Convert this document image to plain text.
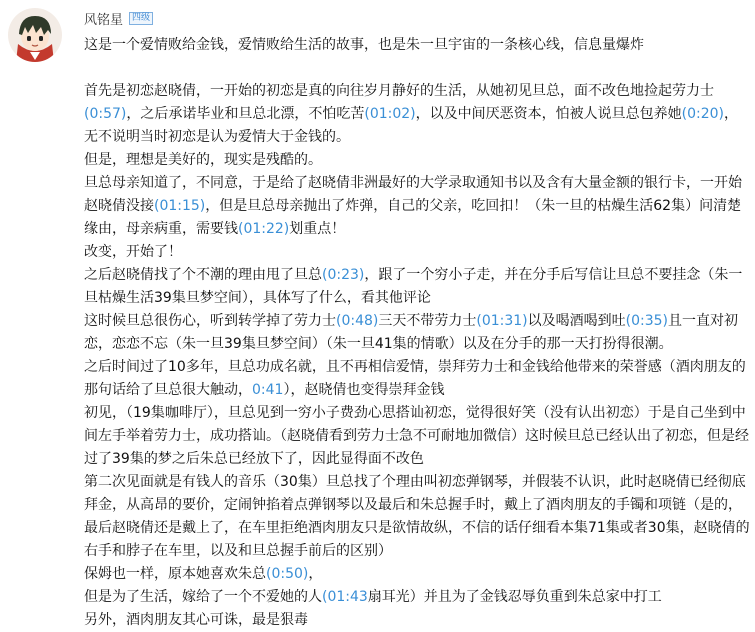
风铭星	四级

这是一个爱情败给金钱，爱情败给生活的故事，也是朱一旦宇宙的一条核心线，信息量爆炸

首先是初恋赵晓倩，一开始的初恋是真的向往岁月静好的生活，从她初见旦总，面不改色地捡起劳力士(0:57)，之后承诺毕业和旦总北漂，不怕吃苦(01:02)，以及中间厌恶资本，怕被人说旦总包养她(0:20)，无不说明当时初恋是认为爱情大于金钱的。

但是，理想是美好的，现实是残酷的。

旦总母亲知道了，不同意，于是给了赵晓倩非洲最好的大学录取通知书以及含有大量金额的银行卡，一开始赵晓倩没接(01:15)，但是旦总母亲抛出了炸弹，自己的父亲，吃回扣！（朱一旦的枯燥生活62集）问清楚缘由，母亲病重，需要钱(01:22)划重点！

改变，开始了！

之后赵晓倩找了个不潮的理由甩了旦总(0:23)，跟了一个穷小子走，并在分手后写信让旦总不要挂念（朱一旦枯燥生活39集旦梦空间），具体写了什么，看其他评论

这时候旦总很伤心，听到转学掉了劳力士(0:48)三天不带劳力士(01:31)以及喝酒喝到吐(0:35)且一直对初恋，恋恋不忘（朱一旦39集旦梦空间）（朱一旦41集的情歌）以及在分手的那一天打扮得很潮。

之后时间过了10多年，旦总功成名就，且不再相信爱情，崇拜劳力士和金钱给他带来的荣誉感（酒肉朋友的那句话给了旦总很大触动，0:41），赵晓倩也变得崇拜金钱

初见，（19集咖啡厅），旦总见到一穷小子费劲心思搭讪初恋，觉得很好笑（没有认出初恋）于是自己坐到中间左手举着劳力士，成功搭讪。（赵晓倩看到劳力士急不可耐地加微信）这时候旦总已经认出了初恋，但是经过了39集的梦之后朱总已经放下了，因此显得面不改色

第二次见面就是有钱人的音乐（30集）旦总找了个理由叫初恋弹钢琴，并假装不认识，此时赵晓倩已经彻底拜金，从高昂的要价，定闹钟掐着点弹钢琴以及最后和朱总握手时，戴上了酒肉朋友的手镯和项链（是的，最后赵晓倩还是戴上了，在车里拒绝酒肉朋友只是欲情故纵，不信的话仔细看本集71集或者30集，赵晓倩的右手和脖子在车里，以及和旦总握手前后的区别）

保姆也一样，原本她喜欢朱总(0:50)，

但是为了生活，嫁给了一个不爱她的人(01:43扇耳光）并且为了金钱忍辱负重到朱总家中打工

另外，酒肉朋友其心可诛，最是狠毒
